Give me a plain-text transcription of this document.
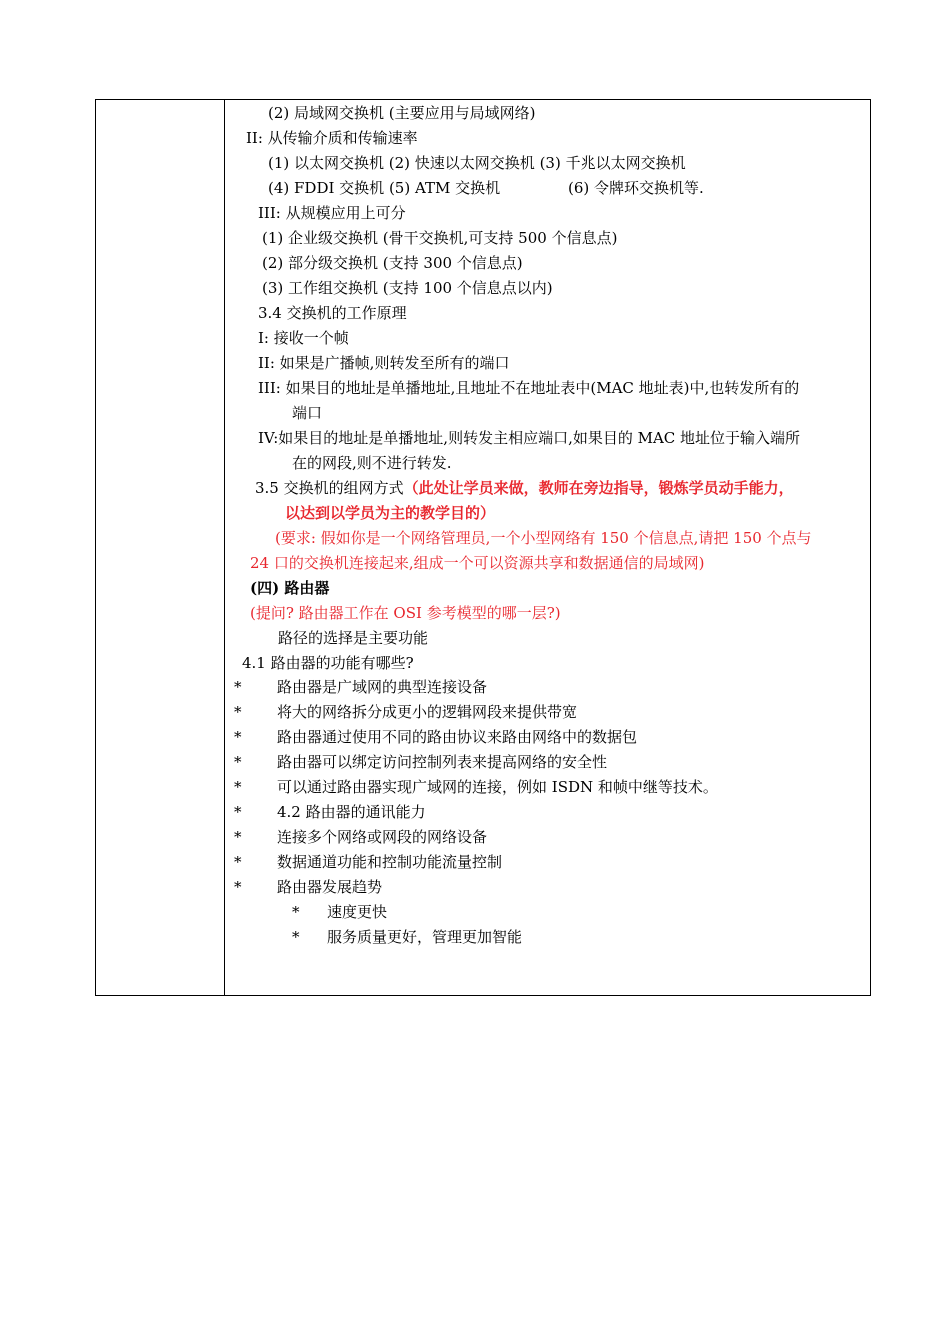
(2) 局域网交换机 (主要应用与局域网络)
II: 从传输介质和传输速率
(1) 以太网交换机 (2) 快速以太网交换机 (3) 千兆以太网交换机
(4) FDDI 交换机 (5) ATM 交换机	(6) 令牌环交换机等.
III: 从规模应用上可分
(1) 企业级交换机 (骨干交换机,可支持 500 个信息点)
(2) 部分级交换机 (支持 300 个信息点)
(3) 工作组交换机 (支持 100 个信息点以内)
3.4 交换机的工作原理
I: 接收一个帧
II: 如果是广播帧,则转发至所有的端口
III: 如果目的地址是单播地址,且地址不在地址表中(MAC 地址表)中,也转发所有的
端口
IV:如果目的地址是单播地址,则转发主相应端口,如果目的 MAC 地址位于输入端所
在的网段,则不进行转发.
3.5 交换机的组网方式（此处让学员来做，教师在旁边指导，锻炼学员动手能力，
以达到以学员为主的教学目的）
(要求: 假如你是一个网络管理员,一个小型网络有 150 个信息点,请把 150 个点与
24 口的交换机连接起来,组成一个可以资源共享和数据通信的局域网)
(四) 路由器
(提问? 路由器工作在 OSI 参考模型的哪一层?)
路径的选择是主要功能
4.1 路由器的功能有哪些?
* 路由器是广域网的典型连接设备
* 将大的网络拆分成更小的逻辑网段来提供带宽
* 路由器通过使用不同的路由协议来路由网络中的数据包
* 路由器可以绑定访问控制列表来提高网络的安全性
* 可以通过路由器实现广域网的连接，例如 ISDN 和帧中继等技术。
* 4.2 路由器的通讯能力
* 连接多个网络或网段的网络设备
* 数据通道功能和控制功能流量控制
* 路由器发展趋势
* 速度更快
* 服务质量更好，管理更加智能
